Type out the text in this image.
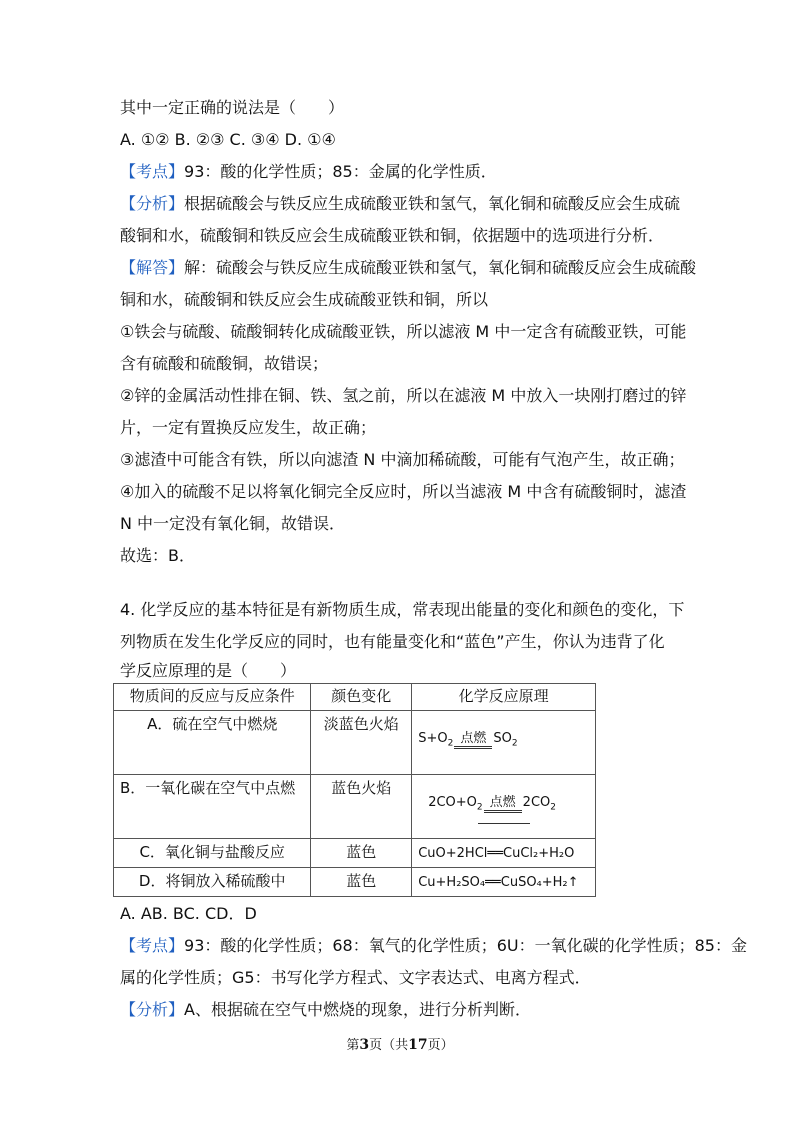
其中一定正确的说法是（　　）

A. ①② B. ②③ C. ③④ D. ①④

【考点】93：酸的化学性质；85：金属的化学性质．

【分析】根据硫酸会与铁反应生成硫酸亚铁和氢气，氧化铜和硫酸反应会生成硫

酸铜和水，硫酸铜和铁反应会生成硫酸亚铁和铜，依据题中的选项进行分析．

【解答】解：硫酸会与铁反应生成硫酸亚铁和氢气，氧化铜和硫酸反应会生成硫酸

铜和水，硫酸铜和铁反应会生成硫酸亚铁和铜，所以

①铁会与硫酸、硫酸铜转化成硫酸亚铁，所以滤液 M 中一定含有硫酸亚铁，可能

含有硫酸和硫酸铜，故错误；

②锌的金属活动性排在铜、铁、氢之前，所以在滤液 M 中放入一块刚打磨过的锌

片，一定有置换反应发生，故正确；

③滤渣中可能含有铁，所以向滤渣 N 中滴加稀硫酸，可能有气泡产生，故正确；

④加入的硫酸不足以将氧化铜完全反应时，所以当滤液 M 中含有硫酸铜时，滤渣

N 中一定没有氧化铜，故错误．

故选：B．

4. 化学反应的基本特征是有新物质生成，常表现出能量的变化和颜色的变化，下

列物质在发生化学反应的同时，也有能量变化和“蓝色”产生，你认为违背了化

学反应原理的是（　　）

物质间的反应与反应条件	颜色变化	化学反应原理
A．硫在空气中燃烧	淡蓝色火焰	$S+O_2$ 点燃 $SO_2$

B．一氧化碳在空气中点燃	蓝色火焰	$2CO+O_2$ 点燃 $2CO_2$

C．氧化铜与盐酸反应	蓝色	CuO+2HCl══CuCl₂+H₂O
D．将铜放入稀硫酸中	蓝色	Cu+H₂SO₄══CuSO₄+H₂↑

A. AB. BC. CD．D

【考点】93：酸的化学性质；68：氧气的化学性质；6U：一氧化碳的化学性质；85：金

属的化学性质；G5：书写化学方程式、文字表达式、电离方程式．

【分析】A、根据硫在空气中燃烧的现象，进行分析判断．

第3页（共17页）
